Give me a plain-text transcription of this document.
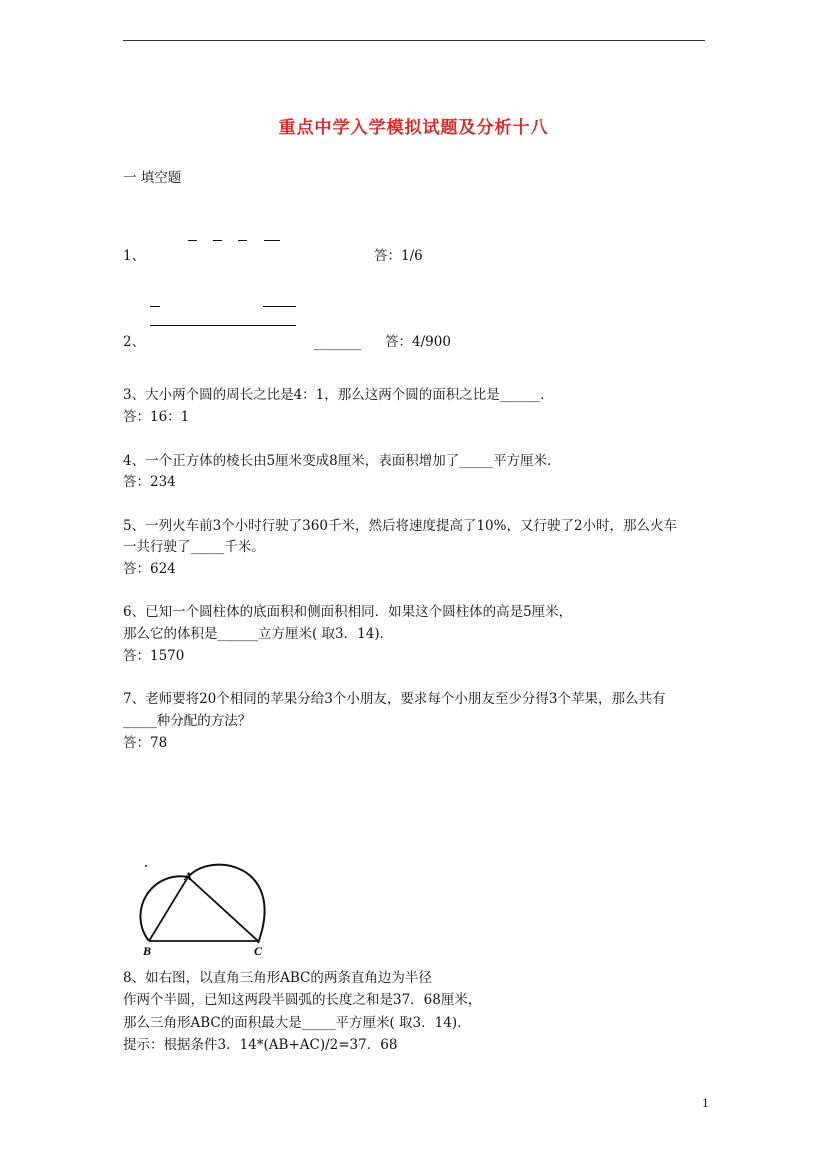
重点中学入学模拟试题及分析十八
一 填空题
1、	答：1/6
2、	_______ 答：4/900
3、大小两个圆的周长之比是4：1，那么这两个圆的面积之比是______．
答：16：1
4、一个正方体的棱长由5厘米变成8厘米，表面积增加了_____平方厘米．
答：234
5、一列火车前3个小时行驶了360千米，然后将速度提高了10%，又行驶了2小时，那么火车
一共行驶了_____千米。
答：624
6、已知一个圆柱体的底面积和侧面积相同．如果这个圆柱体的高是5厘米，
那么它的体积是______立方厘米( 取3．14)．
答：1570
7、老师要将20个相同的苹果分给3个小朋友，要求每个小朋友至少分得3个苹果，那么共有
_____种分配的方法？
答：78
A
B	C
8、如右图，以直角三角形ABC的两条直角边为半径
作两个半圆，已知这两段半圆弧的长度之和是37．68厘米，
那么三角形ABC的面积最大是_____平方厘米( 取3．14)．
提示：根据条件3．14*(AB+AC)/2=37．68
1
